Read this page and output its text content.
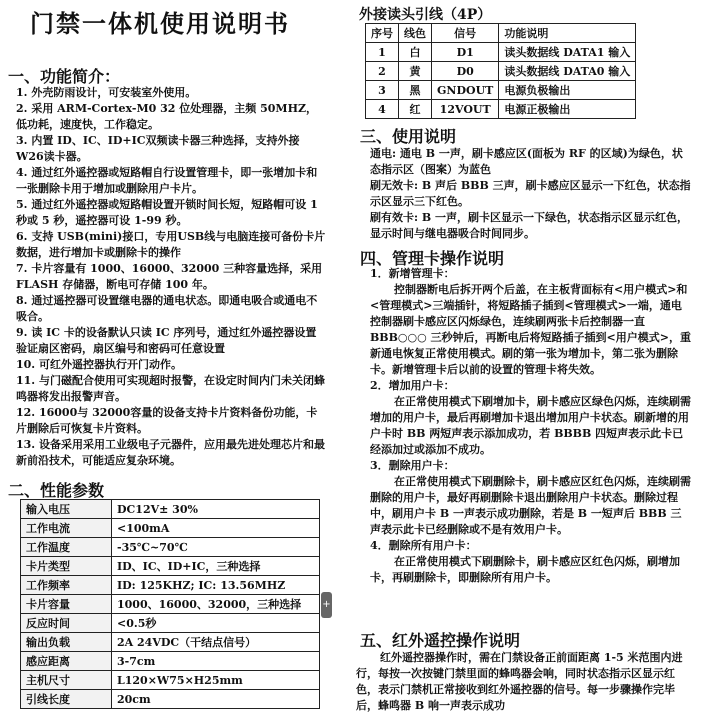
门禁一体机使用说明书
一、功能简介：
1. 外壳防雨设计，可安装室外使用。
2. 采用 ARM-Cortex-M0 32 位处理器，主频 50MHZ，低功耗，速度快，工作稳定。
3. 内置 ID、IC、ID+IC双频读卡器三种选择，支持外接 W26读卡器。
4. 通过红外遥控器或短路帽自行设置管理卡，即一张增加卡和一张删除卡用于增加或删除用户卡片。
5. 通过红外遥控器或短路帽设置开锁时间长短，短路帽可设 1 秒或 5 秒，遥控器可设 1-99 秒。
6. 支持 USB(mini)接口，专用USB线与电脑连接可备份卡片数据，进行增加卡或删除卡的操作
7. 卡片容量有 1000、16000、32000 三种容量选择，采用 FLASH 存储器，断电可存储 100 年。
8. 通过遥控器可设置继电器的通电状态。即通电吸合或通电不吸合。
9. 读 IC 卡的设备默认只读 IC 序列号，通过红外遥控器设置验证扇区密码，扇区编号和密码可任意设置
10. 可红外遥控器执行开门动作。
11. 与门磁配合使用可实现超时报警，在设定时间内门未关闭蜂鸣器将发出报警声音。
12. 16000与 32000容量的设备支持卡片资料备份功能，卡片删除后可恢复卡片资料。
13. 设备采用采用工业级电子元器件，应用最先进处理芯片和最新前沿技术，可能适应复杂环境。
二、性能参数
输入电压	DC12V± 30%
工作电流	<100mA
工作温度	-35℃~70℃
卡片类型	ID、IC、ID+IC，三种选择
工作频率	ID: 125KHZ; IC: 13.56MHZ
卡片容量	1000、16000、32000，三种选择
反应时间	<0.5秒
输出负载	2A 24VDC（干结点信号）
感应距离	3-7cm
主机尺寸	L120×W75×H25mm
引线长度	20cm
+
外接读头引线（4P）
序号	线色	信号	功能说明
1	白	D1	读头数据线 DATA1 输入
2	黄	D0	读头数据线 DATA0 输入
3	黑	GNDOUT	电源负极输出
4	红	12VOUT	电源正极输出
三、使用说明
通电: 通电 B 一声，刷卡感应区(面板为 RF 的区域)为绿色，状态指示区（图案）为蓝色
刷无效卡: B 声后 BBB 三声，刷卡感应区显示一下红色，状态指示区显示三下红色。
刷有效卡: B 一声，刷卡区显示一下绿色，状态指示区显示红色，显示时间与继电器吸合时间同步。
四、管理卡操作说明
1．新增管理卡：
控制器断电后拆开两个后盖，在主板背面标有<用户模式>和<管理模式>三端插针，将短路插子插到<管理模式>一端，通电控制器刷卡感应区闪烁绿色，连续刷两张卡后控制器一直 BBB○○○ 三秒钟后，再断电后将短路插子插到<用户模式>，重新通电恢复正常使用模式。刷的第一张为增加卡，第二张为删除卡。新增管理卡后以前的设置的管理卡将失效。
2．增加用户卡：
在正常使用模式下刷增加卡，刷卡感应区绿色闪烁，连续刷需增加的用户卡，最后再刷增加卡退出增加用户卡状态。刷新增的用户卡时 BB 两短声表示添加成功，若 BBBB 四短声表示此卡已经添加过或添加不成功。
3．删除用户卡：
在正常使用模式下刷删除卡，刷卡感应区红色闪烁，连续刷需删除的用户卡，最好再刷删除卡退出删除用户卡状态。删除过程中，刷用户卡 B 一声表示成功删除，若是 B 一短声后 BBB 三声表示此卡已经删除或不是有效用户卡。
4．删除所有用户卡：
在正常使用模式下刷删除卡，刷卡感应区红色闪烁，刷增加卡，再刷删除卡，即删除所有用户卡。
五、红外遥控操作说明
红外遥控器操作时，需在门禁设备正前面距离 1-5 米范围内进行，每按一次按键门禁里面的蜂鸣器会响，同时状态指示区显示红色，表示门禁机正常接收到红外遥控器的信号。每一步骤操作完毕后，蜂鸣器 B 响一声表示成功
